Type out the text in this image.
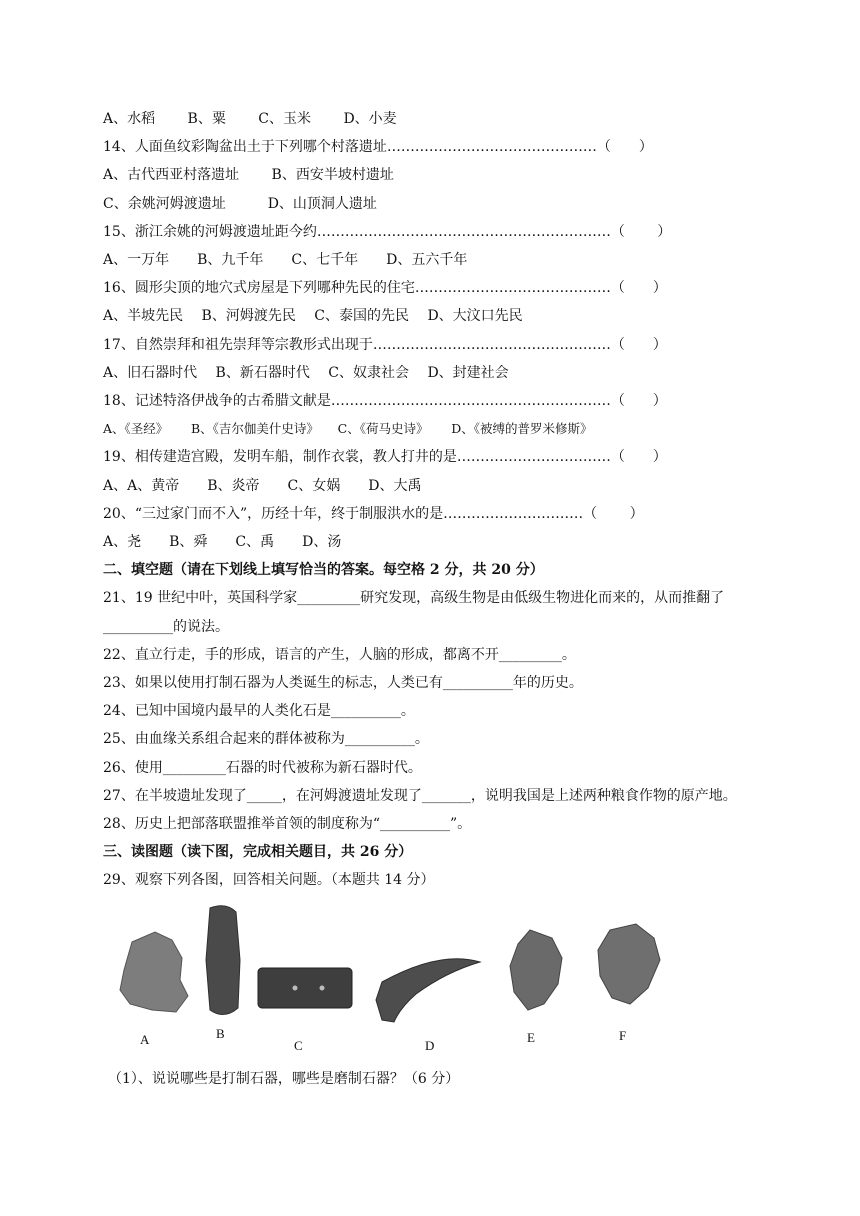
A、水稻　　 B、粟　　 C、玉米　　 D、小麦
14、人面鱼纹彩陶盆出土于下列哪个村落遗址………………………………………（　　）
A、古代西亚村落遗址　　 B、西安半坡村遗址
C、余姚河姆渡遗址　　　D、山顶洞人遗址
15、浙江余姚的河姆渡遗址距今约………………………………………………………（　　 ）
A、一万年　　B、九千年　　C、七千年　　D、五六千年
16、圆形尖顶的地穴式房屋是下列哪种先民的住宅……………………………………（　　）
A、半坡先民　 B、河姆渡先民　 C、泰国的先民　 D、大汶口先民
17、自然崇拜和祖先崇拜等宗教形式出现于……………………………………………（　　）
A、旧石器时代　 B、新石器时代　 C、奴隶社会　 D、封建社会
18、记述特洛伊战争的古希腊文献是……………………………………………………（　　）
A、《圣经》　　 B、《吉尔伽美什史诗》　　C、《荷马史诗》　　 D、《被缚的普罗米修斯》
19、相传建造宫殿，发明车船，制作衣裳，教人打井的是……………………………（　　）
A、A、黄帝　　B、炎帝　　C、女娲　　D、大禹
20、“三过家门而不入”，历经十年，终于制服洪水的是…………………………（　　 ）
A、尧　　B、舜　　C、禹　　D、汤
二、填空题（请在下划线上填写恰当的答案。每空格 2 分，共 20 分）
21、19 世纪中叶，英国科学家_________研究发现，高级生物是由低级生物进化而来的，从而推翻了
__________的说法。
22、直立行走，手的形成，语言的产生，人脑的形成，都离不开_________。
23、如果以使用打制石器为人类诞生的标志，人类已有__________年的历史。
24、已知中国境内最早的人类化石是__________。
25、由血缘关系组合起来的群体被称为__________。
26、使用_________石器的时代被称为新石器时代。
27、在半坡遗址发现了_____，在河姆渡遗址发现了_______，说明我国是上述两种粮食作物的原产地。
28、历史上把部落联盟推举首领的制度称为“__________”。
三、读图题（读下图，完成相关题目，共 26 分）
29、观察下列各图，回答相关问题。（本题共 14 分）
A	B
C	D
E	F
（1）、说说哪些是打制石器，哪些是磨制石器？（6 分）
